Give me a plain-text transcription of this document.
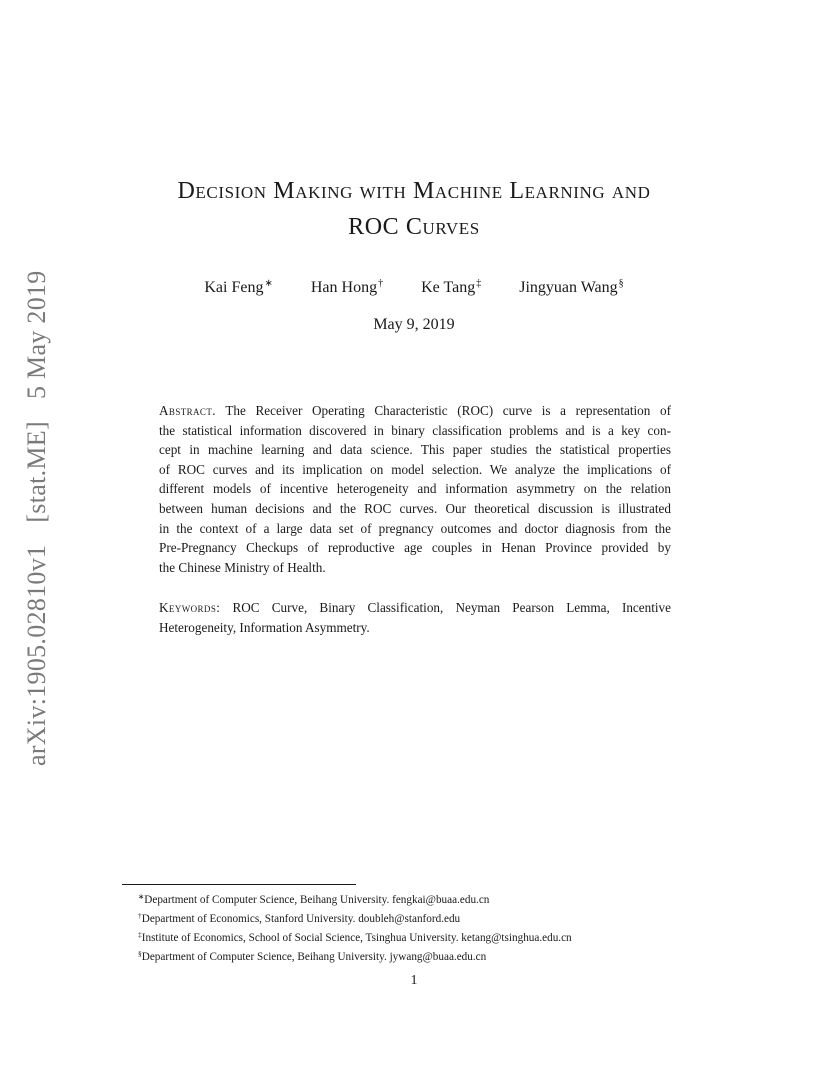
arXiv:1905.02810v1[stat.ME]5 May 2019
Decision Making with Machine Learning and
ROC Curves
Kai Feng∗ Han Hong† Ke Tang‡ Jingyuan Wang§
May 9, 2019
Abstract. The Receiver Operating Characteristic (ROC) curve is a representation of
the statistical information discovered in binary classification problems and is a key con-
cept in machine learning and data science. This paper studies the statistical properties
of ROC curves and its implication on model selection. We analyze the implications of
different models of incentive heterogeneity and information asymmetry on the relation
between human decisions and the ROC curves. Our theoretical discussion is illustrated
in the context of a large data set of pregnancy outcomes and doctor diagnosis from the
Pre-Pregnancy Checkups of reproductive age couples in Henan Province provided by
the Chinese Ministry of Health.
Keywords: ROC Curve, Binary Classification, Neyman Pearson Lemma, Incentive
Heterogeneity, Information Asymmetry.
∗Department of Computer Science, Beihang University. fengkai@buaa.edu.cn
†Department of Economics, Stanford University. doubleh@stanford.edu
‡Institute of Economics, School of Social Science, Tsinghua University. ketang@tsinghua.edu.cn
§Department of Computer Science, Beihang University. jywang@buaa.edu.cn
1
